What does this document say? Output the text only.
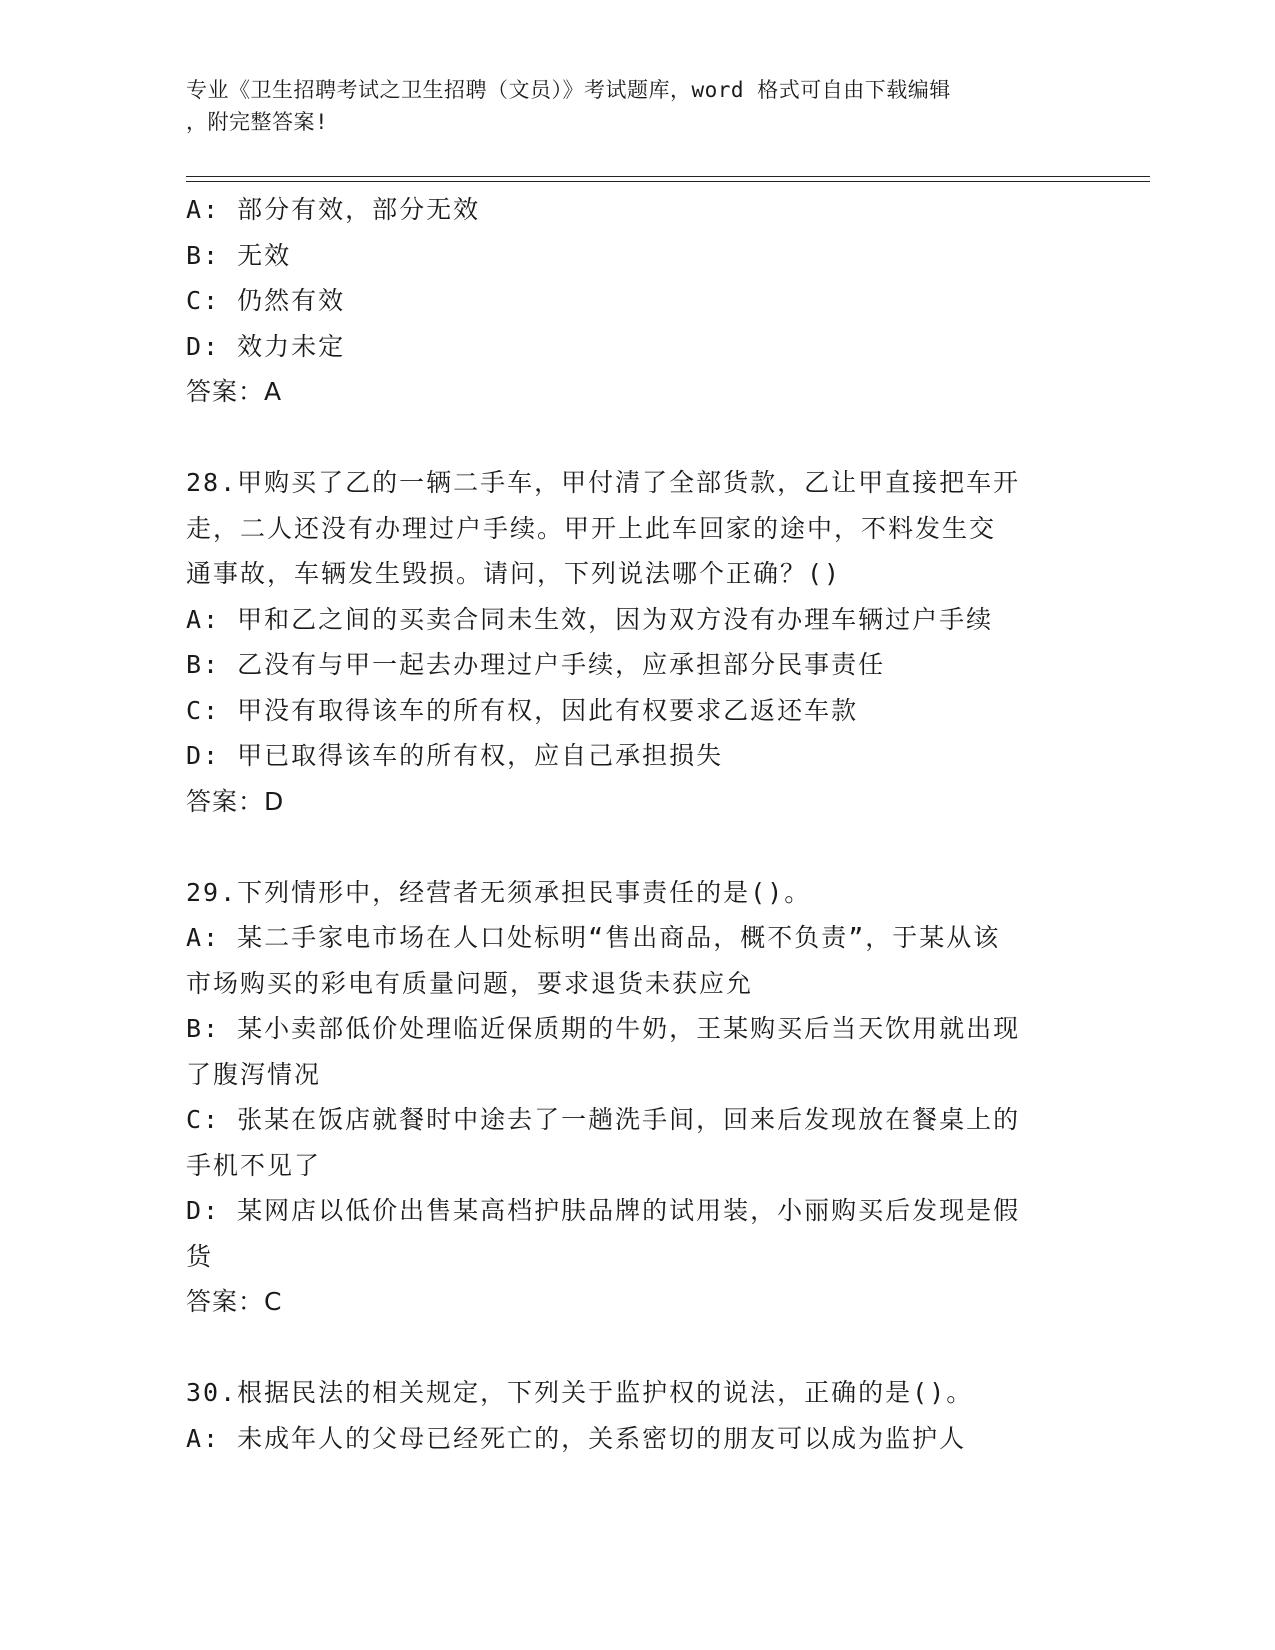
专业《卫生招聘考试之卫生招聘（文员）》考试题库，word 格式可自由下载编辑
，附完整答案!
A: 部分有效，部分无效
B: 无效
C: 仍然有效
D: 效力未定
答案：A
28.甲购买了乙的一辆二手车，甲付清了全部货款，乙让甲直接把车开
走，二人还没有办理过户手续。甲开上此车回家的途中，不料发生交
通事故，车辆发生毁损。请问，下列说法哪个正确？()
A: 甲和乙之间的买卖合同未生效，因为双方没有办理车辆过户手续
B: 乙没有与甲一起去办理过户手续，应承担部分民事责任
C: 甲没有取得该车的所有权，因此有权要求乙返还车款
D: 甲已取得该车的所有权，应自己承担损失
答案：D
29.下列情形中，经营者无须承担民事责任的是()。
A: 某二手家电市场在人口处标明“售出商品，概不负责”，于某从该
市场购买的彩电有质量问题，要求退货未获应允
B: 某小卖部低价处理临近保质期的牛奶，王某购买后当天饮用就出现
了腹泻情况
C: 张某在饭店就餐时中途去了一趟洗手间，回来后发现放在餐桌上的
手机不见了
D: 某网店以低价出售某高档护肤品牌的试用装，小丽购买后发现是假
货
答案：C
30.根据民法的相关规定，下列关于监护权的说法，正确的是()。
A: 未成年人的父母已经死亡的，关系密切的朋友可以成为监护人
